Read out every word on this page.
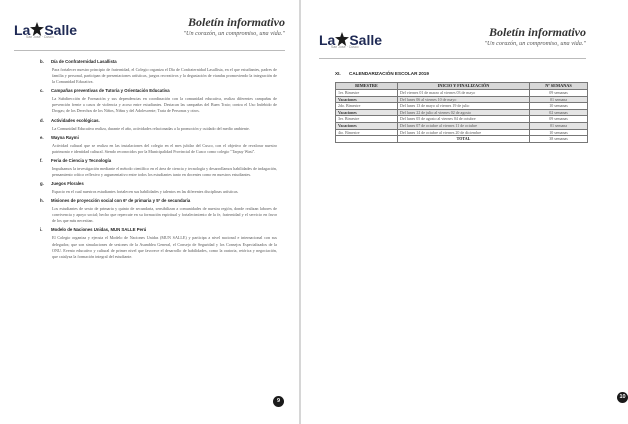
La Salle
San José · Cusco
Boletín informativo
"Un corazón, un compromiso, una vida."
b. Día de Confraternidad Lasallista
Para fortalecer nuestro principio de fraternidad, el Colegio organiza el Día de Confraternidad Lasallista, en el que estudiantes, padres de familia y personal, participan de presentaciones artísticas, juegos recreativos y la degustación de viandas promoviendo la integración de la Comunidad Educativa.
c. Campañas preventivas de Tutoría y Orientación Educativa
La Subdirección de Formación y sus dependencias en coordinación con la comunidad educativa, realiza diferentes campañas de prevención frente a casos de violencia y acoso entre estudiantes. Destacan las campañas del Buen Trato; contra el Uso Indebido de Drogas; de los Derechos de los Niños, Niñas y del Adolescente; Trata de Personas y otros.
d. Actividades ecológicas.
La Comunidad Educativa realiza, durante el año, actividades relacionadas a la promoción y cuidado del medio ambiente.
e. Wayna Raymi
Actividad cultural que se realiza en las instalaciones del colegio en el mes jubilar del Cusco, con el objetivo de revalorar nuestro patrimonio e identidad cultural. Siendo reconocidos por la Municipalidad Provincial de Cusco como colegio "Tarpuy Wasi".
f. Feria de Ciencia y Tecnología
Impulsamos la investigación mediante el método científico en el área de ciencia y tecnología y desarrollamos habilidades de indagación, pensamiento crítico reflexivo y argumentativo entre todos los estudiantes tanto en docentes como en nuestros estudiantes.
g. Juegos Florales
Espacio en el cual nuestros estudiantes fortalecen sus habilidades y talentos en las diferentes disciplinas artísticas.
h. Misiones de proyección social con 6º de primaria y 5º de secundaria
Los estudiantes de sexto de primaria y quinto de secundaria, sensibilizan a comunidades de nuestra región, donde realizan labores de convivencia y apoyo social; hecho que repercute en su formación espiritual y fortalecimiento de la fe, fraternidad y el servicio en favor de los que más necesitan.
i. Modelo de Naciones Unidas, MUN SALLE Perú
El Colegio organiza y ejecuta el Modelo de Naciones Unidas (MUN SALLE) y participa a nivel nacional e internacional con sus delegados; que son simulaciones de sesiones de la Asamblea General, el Consejo de Seguridad y los Consejos Especializados de la ONU. Evento educativo y cultural de primer nivel que favorece el desarrollo de habilidades, como la oratoria, retórica y negociación, que catalyza la formación integral del estudiante.
9
La Salle
San José · Cusco
Boletín informativo
"Un corazón, un compromiso, una vida."
XI. CALENDARIZACIÓN ESCOLAR 2019
BIMESTRE	INICIO Y FINALIZACIÓN	Nº SEMANAS
1er. Bimestre	Del viernes 01 de marzo al viernes 03 de mayo	09 semanas
Vacaciones	Del lunes 06 al viernes 10 de mayo	01 semana
2do. Bimestre	Del lunes 13 de mayo al viernes 19 de julio	10 semanas
Vacaciones	Del lunes 22 de julio al viernes 02 de agosto	02 semanas
3er. Bimestre	Del lunes 05 de agosto al viernes 04 de octubre	09 semanas
Vacaciones	Del lunes 07 de octubre al viernes 11 de octubre	01 semana
4to. Bimestre	Del lunes 14 de octubre al viernes 20 de diciembre	10 semanas
	TOTAL	38 semanas
10
